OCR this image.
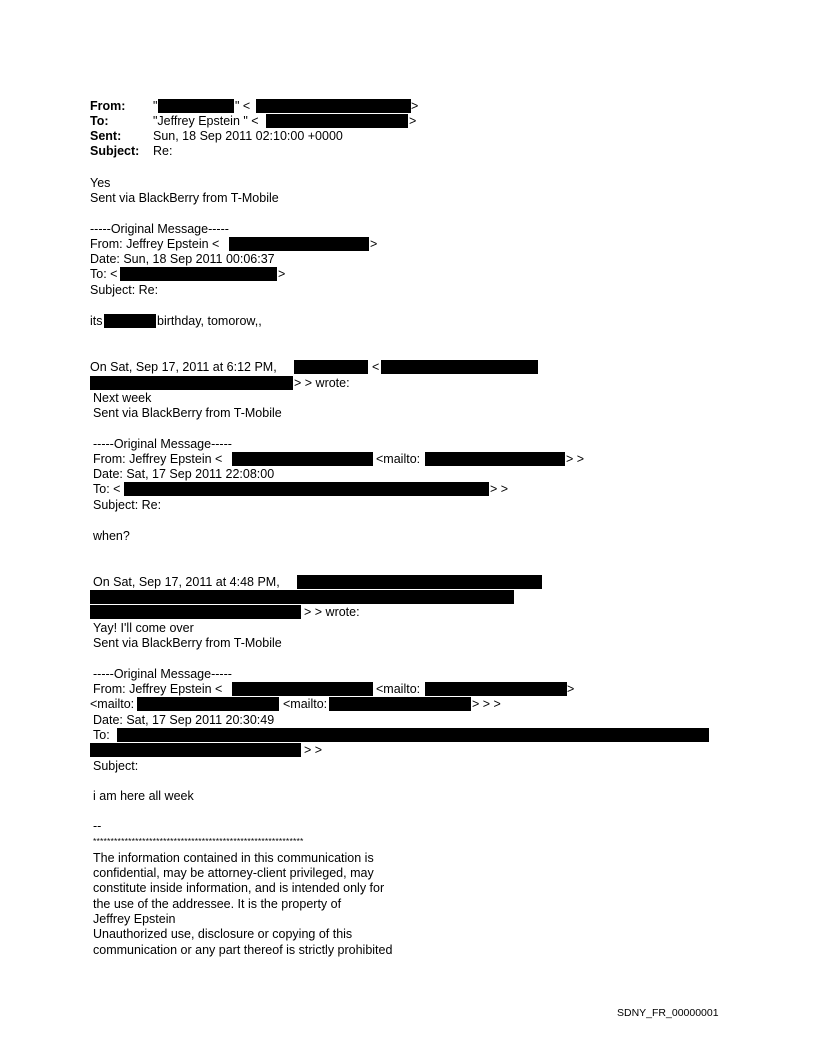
From: "	" <	>
To:	"Jeffrey Epstein " <	>
Sent:	Sun, 18 Sep 2011 02:10:00 +0000
Subject: Re:
Yes
Sent via BlackBerry from T-Mobile
-----Original Message-----
From: Jeffrey Epstein <	>
Date: Sun, 18 Sep 2011 00:06:37
To: <	>
Subject: Re:
its	birthday, tomorow,,
On Sat, Sep 17, 2011 at 6:12 PM,	<
> > wrote:
Next week
Sent via BlackBerry from T-Mobile
-----Original Message-----
From: Jeffrey Epstein <	<mailto:	> >
Date: Sat, 17 Sep 2011 22:08:00
To: <	> >
Subject: Re:
when?
On Sat, Sep 17, 2011 at 4:48 PM,
> > wrote:
Yay! I'll come over
Sent via BlackBerry from T-Mobile
-----Original Message-----
From: Jeffrey Epstein <	<mailto:	>
<mailto:	<mailto:	> > >
Date: Sat, 17 Sep 2011 20:30:49
To:
> >
Subject:
i am here all week
--
************************************************************
The information contained in this communication is
confidential, may be attorney-client privileged, may
constitute inside information, and is intended only for
the use of the addressee. It is the property of
Jeffrey Epstein
Unauthorized use, disclosure or copying of this
communication or any part thereof is strictly prohibited
SDNY_FR_00000001
